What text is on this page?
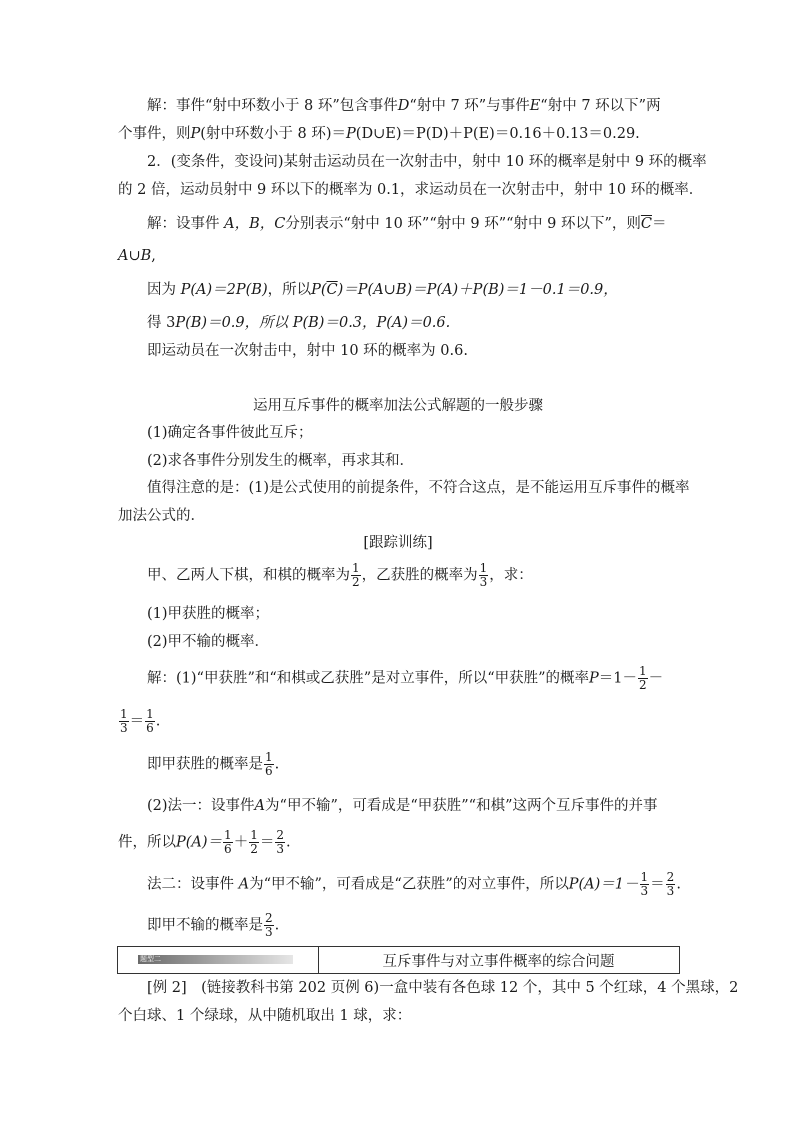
解：事件“射中环数小于 8 环”包含事件D“射中 7 环”与事件E“射中 7 环以下”两
个事件，则P(射中环数小于 8 环)＝P(D∪E)＝P(D)＋P(E)＝0.16＋0.13＝0.29.
2．(变条件，变设问)某射击运动员在一次射击中，射中 10 环的概率是射中 9 环的概率
的 2 倍，运动员射中 9 环以下的概率为 0.1，求运动员在一次射击中，射中 10 环的概率．
解：设事件 A，B，C分别表示“射中 10 环”“射中 9 环”“射中 9 环以下”，则$\overline{C}=$
A∪B,
因为 P(A)＝2P(B)，所以$P(\overline{C})=P(A\cup B)=P(A)+P(B)=1-0.1=0.9$，
得 3P(B)＝0.9，所以 P(B)＝0.3，P(A)＝0.6.
即运动员在一次射击中，射中 10 环的概率为 0.6.
运用互斥事件的概率加法公式解题的一般步骤
(1)确定各事件彼此互斥；
(2)求各事件分别发生的概率，再求其和．
值得注意的是：(1)是公式使用的前提条件，不符合这点，是不能运用互斥事件的概率
加法公式的．
[跟踪训练]
甲、乙两人下棋，和棋的概率为 $\frac{1}{2}$ ，乙获胜的概率为 $\frac{1}{3}$ ，求：
(1)甲获胜的概率；
(2)甲不输的概率．
解：(1)“甲获胜”和“和棋或乙获胜”是对立事件，所以“甲获胜”的概率$P=1- \frac{1}{2}$ －
$\frac{1}{3} = \frac{1}{6}$ .
即甲获胜的概率是 $\frac{1}{6}$ .
(2)法一：设事件A为“甲不输”，可看成是“甲获胜”“和棋”这两个互斥事件的并事
件，所以$P(A)= \frac{1}{6} + \frac{1}{2} = \frac{2}{3}$ .
法二：设事件 A为“甲不输”，可看成是“乙获胜”的对立事件，所以$P(A)=1- \frac{1}{3} = \frac{2}{3}$ .
即甲不输的概率是 $\frac{2}{3}$ .
题型二	互斥事件与对立事件概率的综合问题
[例 2]　(链接教科书第 202 页例 6)一盒中装有各色球 12 个，其中 5 个红球，4 个黑球，2
个白球、1 个绿球，从中随机取出 1 球，求：
